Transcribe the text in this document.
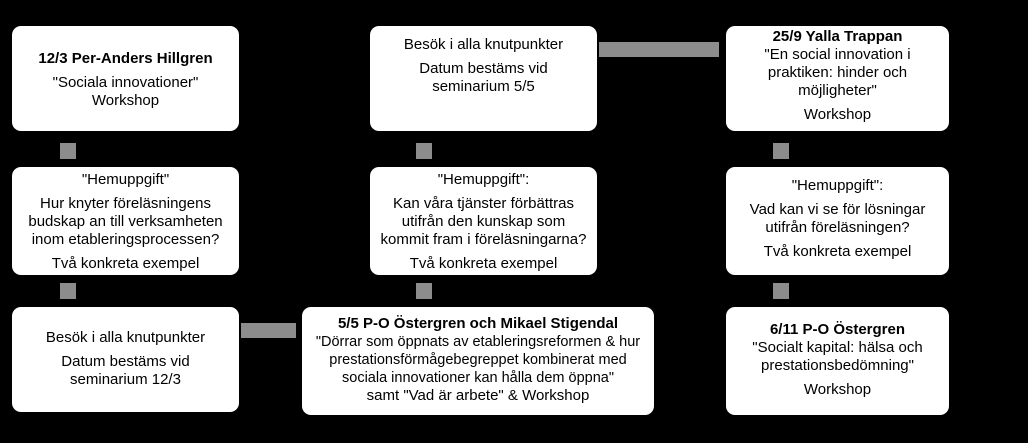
12/3 Per-Anders Hillgren

"Sociala innovationer"

Workshop

"Hemuppgift"

Hur knyter föreläsningens budskap an till verksamheten inom etableringsprocessen?

Två konkreta exempel

Besök i alla knutpunkter

Datum bestäms vid seminarium 12/3

Besök i alla knutpunkter

Datum bestäms vid seminarium 5/5

"Hemuppgift":

Kan våra tjänster förbättras utifrån den kunskap som kommit fram i föreläsningarna?

Två konkreta exempel

5/5 P-O Östergren och Mikael Stigendal

"Dörrar som öppnats av etableringsreformen & hur prestationsförmågebegreppet kombinerat med sociala innovationer kan hålla dem öppna"

samt "Vad är arbete" & Workshop

25/9 Yalla Trappan

"En social innovation i praktiken: hinder och möjligheter"

Workshop

"Hemuppgift":

Vad kan vi se för lösningar utifrån föreläsningen?

Två konkreta exempel

6/11 P-O Östergren

"Socialt kapital: hälsa och prestationsbedömning"

Workshop
